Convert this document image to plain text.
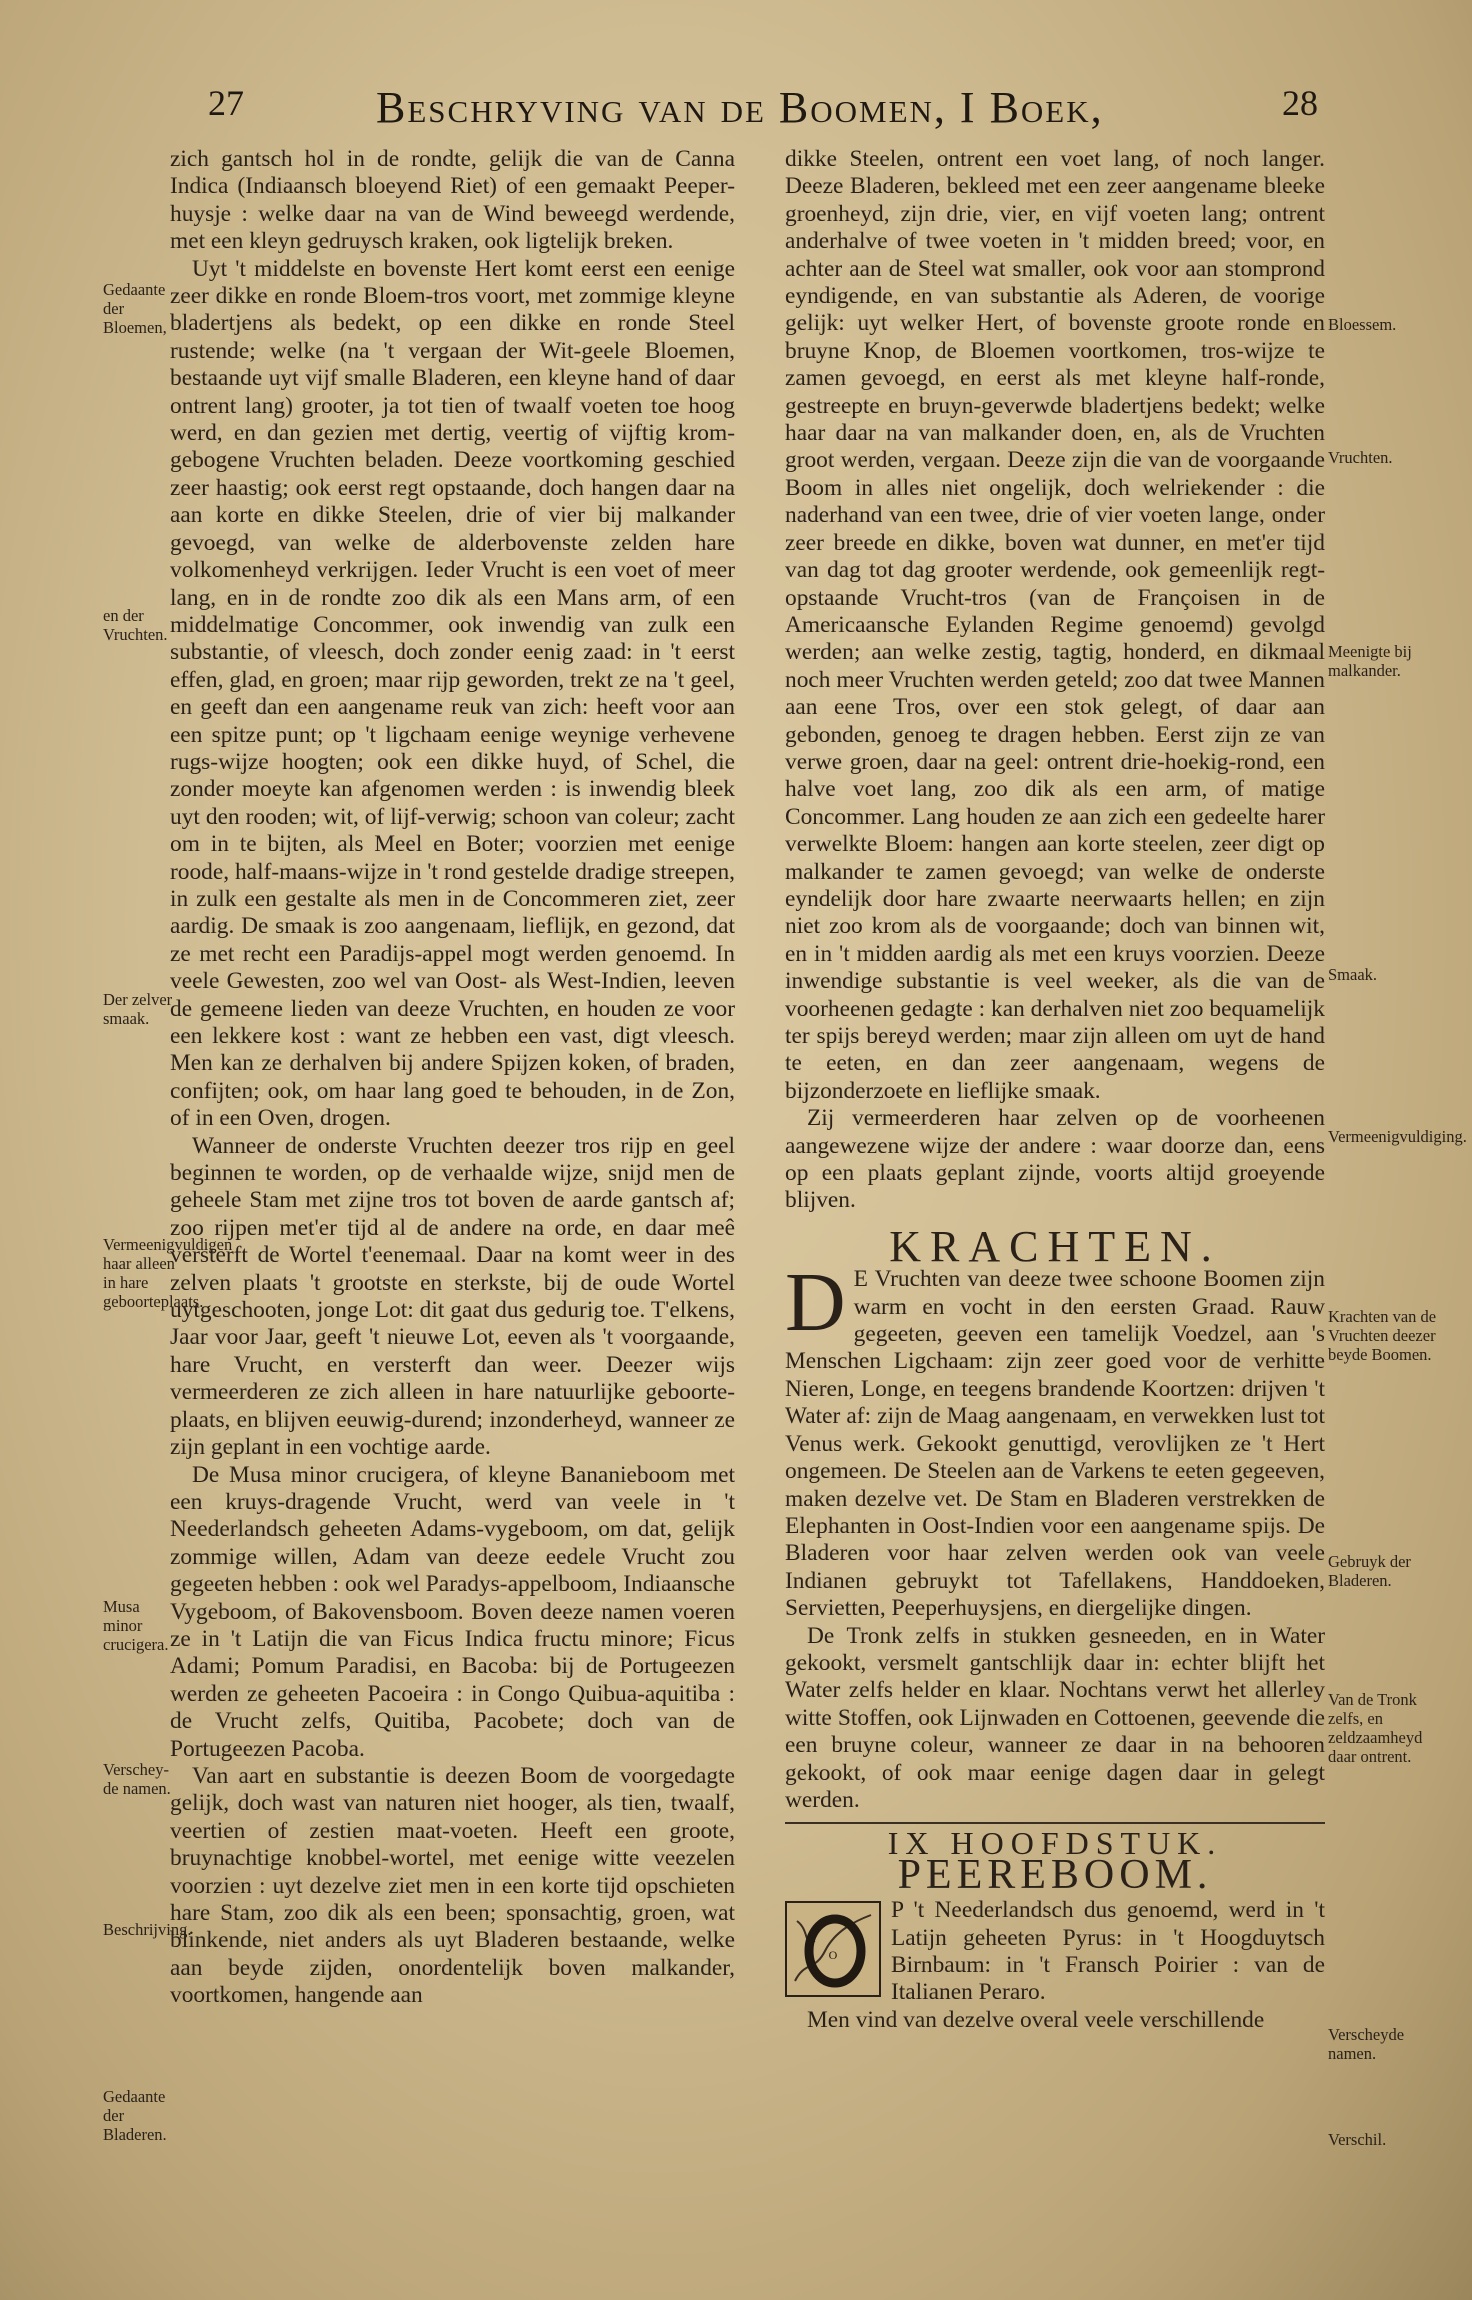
27	Beschryving van de Boomen, I Boek,	28
Gedaante der Bloemen,
en der Vruchten.
Der zelver smaak.
Vermeenigvuldigen haar alleen in hare geboorteplaats.
Musa minor crucigera.
Verschey-de namen.
Beschrijving.
Gedaante der Bladeren.
Bloessem.
Vruchten.
Meenigte bij malkander.
Smaak.
Vermeenigvuldiging.
Krachten van de Vruchten deezer beyde Boomen.
Gebruyk der Bladeren.
Van de Tronk zelfs, en zeldzaamheyd daar ontrent.
Verscheyde namen.
Verschil.

zich gantsch hol in de rondte, gelijk die van de Canna Indica (Indiaansch bloeyend Riet) of een gemaakt Peeper-huysje : welke daar na van de Wind beweegd werdende, met een kleyn gedruysch kraken, ook ligtelijk breken.

Uyt 't middelste en bovenste Hert komt eerst een eenige zeer dikke en ronde Bloem-tros voort, met zommige kleyne bladertjens als bedekt, op een dikke en ronde Steel rustende; welke (na 't vergaan der Wit-geele Bloemen, bestaande uyt vijf smalle Bladeren, een kleyne hand of daar ontrent lang) grooter, ja tot tien of twaalf voeten toe hoog werd, en dan gezien met dertig, veertig of vijftig krom-gebogene Vruchten beladen. Deeze voortkoming geschied zeer haastig; ook eerst regt opstaande, doch hangen daar na aan korte en dikke Steelen, drie of vier bij malkander gevoegd, van welke de alderbovenste zelden hare volkomenheyd verkrijgen. Ieder Vrucht is een voet of meer lang, en in de rondte zoo dik als een Mans arm, of een middelmatige Concommer, ook inwendig van zulk een substantie, of vleesch, doch zonder eenig zaad: in 't eerst effen, glad, en groen; maar rijp geworden, trekt ze na 't geel, en geeft dan een aangename reuk van zich: heeft voor aan een spitze punt; op 't ligchaam eenige weynige verhevene rugs-wijze hoogten; ook een dikke huyd, of Schel, die zonder moeyte kan afgenomen werden : is inwendig bleek uyt den rooden; wit, of lijf-verwig; schoon van coleur; zacht om in te bijten, als Meel en Boter; voorzien met eenige roode, half-maans-wijze in 't rond gestelde dradige streepen, in zulk een gestalte als men in de Concommeren ziet, zeer aardig. De smaak is zoo aangenaam, lieflijk, en gezond, dat ze met recht een Paradijs-appel mogt werden genoemd. In veele Gewesten, zoo wel van Oost- als West-Indien, leeven de gemeene lieden van deeze Vruchten, en houden ze voor een lekkere kost : want ze hebben een vast, digt vleesch. Men kan ze derhalven bij andere Spijzen koken, of braden, confijten; ook, om haar lang goed te behouden, in de Zon, of in een Oven, drogen.

Wanneer de onderste Vruchten deezer tros rijp en geel beginnen te worden, op de verhaalde wijze, snijd men de geheele Stam met zijne tros tot boven de aarde gantsch af; zoo rijpen met'er tijd al de andere na orde, en daar meê versterft de Wortel t'eenemaal. Daar na komt weer in des zelven plaats 't grootste en sterkste, bij de oude Wortel uytgeschooten, jonge Lot: dit gaat dus gedurig toe. T'elkens, Jaar voor Jaar, geeft 't nieuwe Lot, eeven als 't voorgaande, hare Vrucht, en versterft dan weer. Deezer wijs vermeerderen ze zich alleen in hare natuurlijke geboorte-plaats, en blijven eeuwig-durend; inzonderheyd, wanneer ze zijn geplant in een vochtige aarde.

De Musa minor crucigera, of kleyne Bananieboom met een kruys-dragende Vrucht, werd van veele in 't Neederlandsch geheeten Adams-vygeboom, om dat, gelijk zommige willen, Adam van deeze eedele Vrucht zou gegeeten hebben : ook wel Paradys-appelboom, Indiaansche Vygeboom, of Bakovensboom. Boven deeze namen voeren ze in 't Latijn die van Ficus Indica fructu minore; Ficus Adami; Pomum Paradisi, en Bacoba: bij de Portugeezen werden ze geheeten Pacoeira : in Congo Quibua-aquitiba : de Vrucht zelfs, Quitiba, Pacobete; doch van de Portugeezen Pacoba.

Van aart en substantie is deezen Boom de voorgedagte gelijk, doch wast van naturen niet hooger, als tien, twaalf, veertien of zestien maat-voeten. Heeft een groote, bruynachtige knobbel-wortel, met eenige witte veezelen voorzien : uyt dezelve ziet men in een korte tijd opschieten hare Stam, zoo dik als een been; sponsachtig, groen, wat blinkende, niet anders als uyt Bladeren bestaande, welke aan beyde zijden, onordentelijk boven malkander, voortkomen, hangende aan

dikke Steelen, ontrent een voet lang, of noch langer. Deeze Bladeren, bekleed met een zeer aangename bleeke groenheyd, zijn drie, vier, en vijf voeten lang; ontrent anderhalve of twee voeten in 't midden breed; voor, en achter aan de Steel wat smaller, ook voor aan stomprond eyndigende, en van substantie als Aderen, de voorige gelijk: uyt welker Hert, of bovenste groote ronde en bruyne Knop, de Bloemen voortkomen, tros-wijze te zamen gevoegd, en eerst als met kleyne half-ronde, gestreepte en bruyn-geverwde bladertjens bedekt; welke haar daar na van malkander doen, en, als de Vruchten groot werden, vergaan. Deeze zijn die van de voorgaande Boom in alles niet ongelijk, doch welriekender : die naderhand van een twee, drie of vier voeten lange, onder zeer breede en dikke, boven wat dunner, en met'er tijd van dag tot dag grooter werdende, ook gemeenlijk regt-opstaande Vrucht-tros (van de Françoisen in de Americaansche Eylanden Regime genoemd) gevolgd werden; aan welke zestig, tagtig, honderd, en dikmaal noch meer Vruchten werden geteld; zoo dat twee Mannen aan eene Tros, over een stok gelegt, of daar aan gebonden, genoeg te dragen hebben. Eerst zijn ze van verwe groen, daar na geel: ontrent drie-hoekig-rond, een halve voet lang, zoo dik als een arm, of matige Concommer. Lang houden ze aan zich een gedeelte harer verwelkte Bloem: hangen aan korte steelen, zeer digt op malkander te zamen gevoegd; van welke de onderste eyndelijk door hare zwaarte neerwaarts hellen; en zijn niet zoo krom als de voorgaande; doch van binnen wit, en in 't midden aardig als met een kruys voorzien. Deeze inwendige substantie is veel weeker, als die van de voorheenen gedagte : kan derhalven niet zoo bequamelijk ter spijs bereyd werden; maar zijn alleen om uyt de hand te eeten, en dan zeer aangenaam, wegens de bijzonderzoete en lieflijke smaak.

Zij vermeerderen haar zelven op de voorheenen aangewezene wijze der andere : waar doorze dan, eens op een plaats geplant zijnde, voorts altijd groeyende blijven.

KRACHTEN.

D E Vruchten van deeze twee schoone Boomen zijn warm en vocht in den eersten Graad. Rauw gegeeten, geeven een tamelijk Voedzel, aan 's Menschen Ligchaam: zijn zeer goed voor de verhitte Nieren, Longe, en teegens brandende Koortzen: drijven 't Water af: zijn de Maag aangenaam, en verwekken lust tot Venus werk. Gekookt genuttigd, verovlijken ze 't Hert ongemeen. De Steelen aan de Varkens te eeten gegeeven, maken dezelve vet. De Stam en Bladeren verstrekken de Elephanten in Oost-Indien voor een aangename spijs. De Bladeren voor haar zelven werden ook van veele Indianen gebruykt tot Tafellakens, Handdoeken, Servietten, Peeperhuysjens, en diergelijke dingen.

De Tronk zelfs in stukken gesneeden, en in Water gekookt, versmelt gantschlijk daar in: echter blijft het Water zelfs helder en klaar. Nochtans verwt het allerley witte Stoffen, ook Lijnwaden en Cottoenen, geevende die een bruyne coleur, wanneer ze daar in na behooren gekookt, of ook maar eenige dagen daar in gelegt werden.

IX HOOFDSTUK.
PEEREBOOM.

O
P 't Neederlandsch dus genoemd, werd in 't Latijn geheeten Pyrus: in 't Hoogduytsch Birnbaum: in 't Fransch Poirier : van de Italianen Peraro.

Men vind van dezelve overal veele verschillende
